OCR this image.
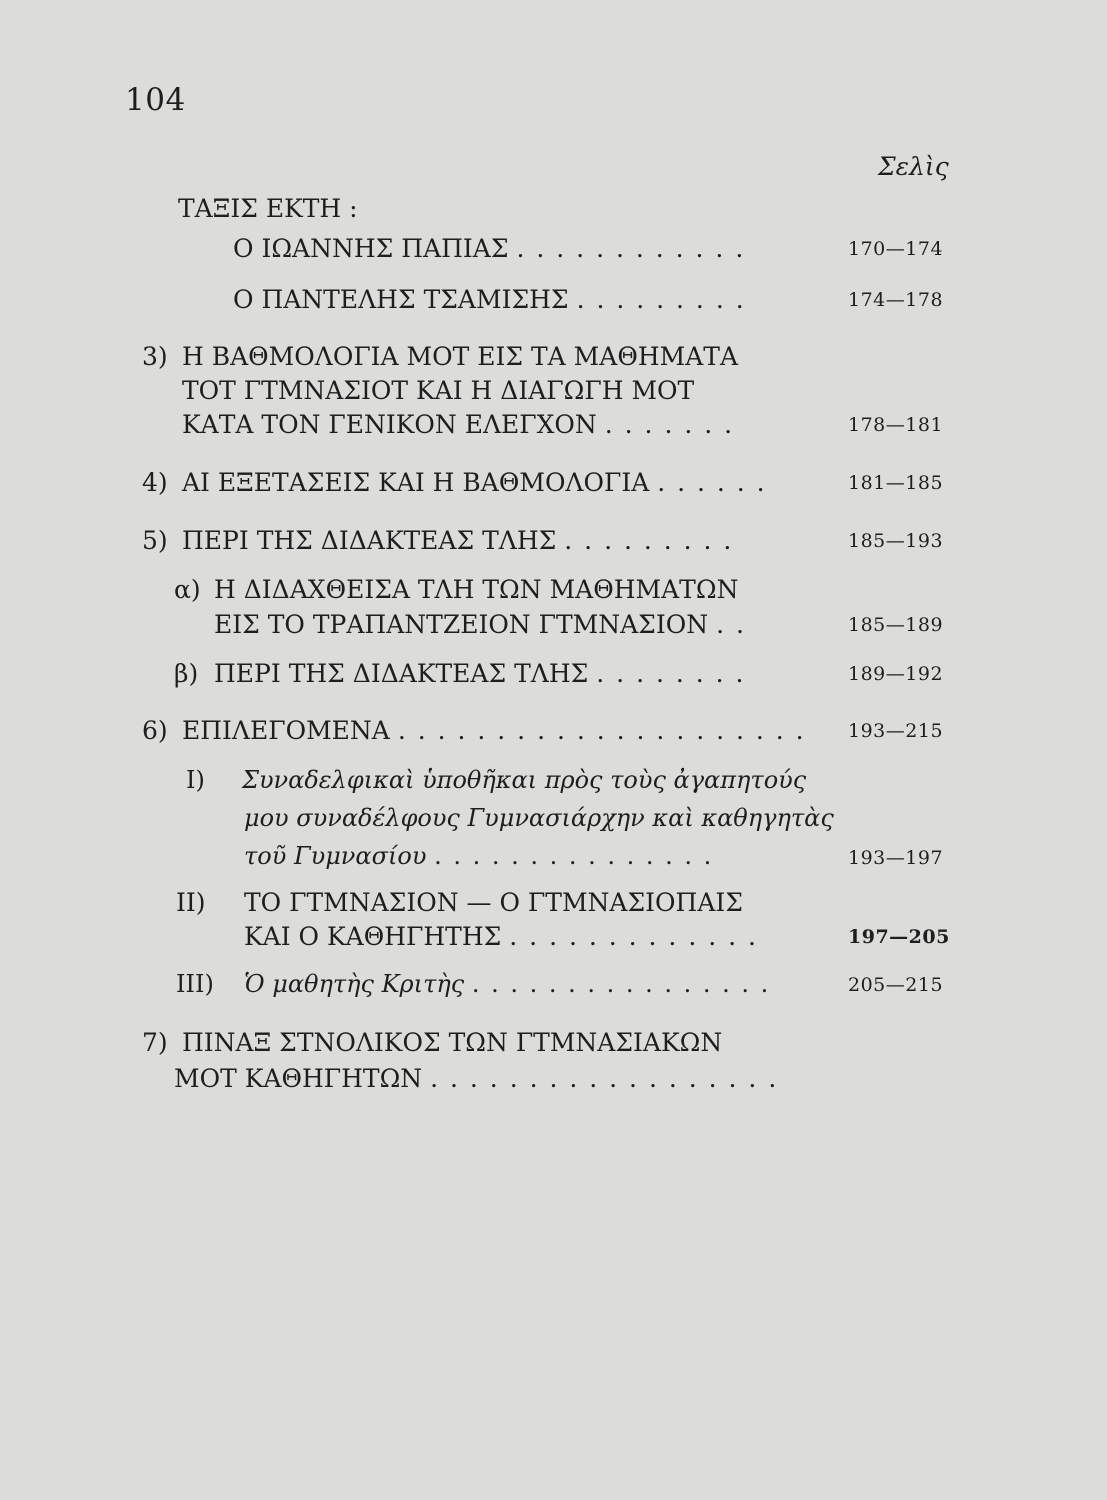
104
Σελὶς
ΤΑΞΙΣ ΕΚΤΗ :
Ο ΙΩΑΝΝΗΣ ΠΑΠΙΑΣ . . . . . . . . . . . .	170—174
Ο ΠΑΝΤΕΛΗΣ ΤΣΑΜΙΣΗΣ . . . . . . . . .	174—178
3) Η ΒΑΘΜΟΛΟΓΙΑ ΜΟΤ ΕΙΣ ΤΑ ΜΑΘΗΜΑΤΑ
ΤΟΤ ΓΤΜΝΑΣΙΟΤ ΚΑΙ Η ΔΙΑΓΩΓΗ ΜΟΤ
ΚΑΤΑ ΤΟΝ ΓΕΝΙΚΟΝ ΕΛΕΓΧΟΝ . . . . . . .	178—181
4) ΑΙ ΕΞΕΤΑΣΕΙΣ ΚΑΙ Η ΒΑΘΜΟΛΟΓΙΑ . . . . . .	181—185
5) ΠΕΡΙ ΤΗΣ ΔΙΔΑΚΤΕΑΣ ΤΛΗΣ . . . . . . . . .	185—193
α) Η ΔΙΔΑΧΘΕΙΣΑ ΤΛΗ ΤΩΝ ΜΑΘΗΜΑΤΩΝ
ΕΙΣ ΤΟ ΤΡΑΠΑΝΤΖΕΙΟΝ ΓΤΜΝΑΣΙΟΝ . .	185—189
β) ΠΕΡΙ ΤΗΣ ΔΙΔΑΚΤΕΑΣ ΤΛΗΣ . . . . . . . .	189—192
6) ΕΠΙΛΕΓΟΜΕΝΑ . . . . . . . . . . . . . . . . . . . . . 193—215
I) Συναδελφικαὶ ὑποθῆκαι πρὸς τοὺς ἀγαπητούς
μου συναδέλφους Γυμνασιάρχην καὶ καθηγητὰς
τοῦ Γυμνασίου . . . . . . . . . . . . . . .	193—197
II) ΤΟ ΓΤΜΝΑΣΙΟΝ — Ο ΓΤΜΝΑΣΙΟΠΑΙΣ
ΚΑΙ Ο ΚΑΘΗΓΗΤΗΣ . . . . . . . . . . . . .	197—205
III) Ὁ μαθητὴς Κριτὴς . . . . . . . . . . . . . . . .	205—215
7) ΠΙΝΑΞ ΣΤΝΟΛΙΚΟΣ ΤΩΝ ΓΤΜΝΑΣΙΑΚΩΝ
ΜΟΤ ΚΑΘΗΓΗΤΩΝ . . . . . . . . . . . . . . . . . .
